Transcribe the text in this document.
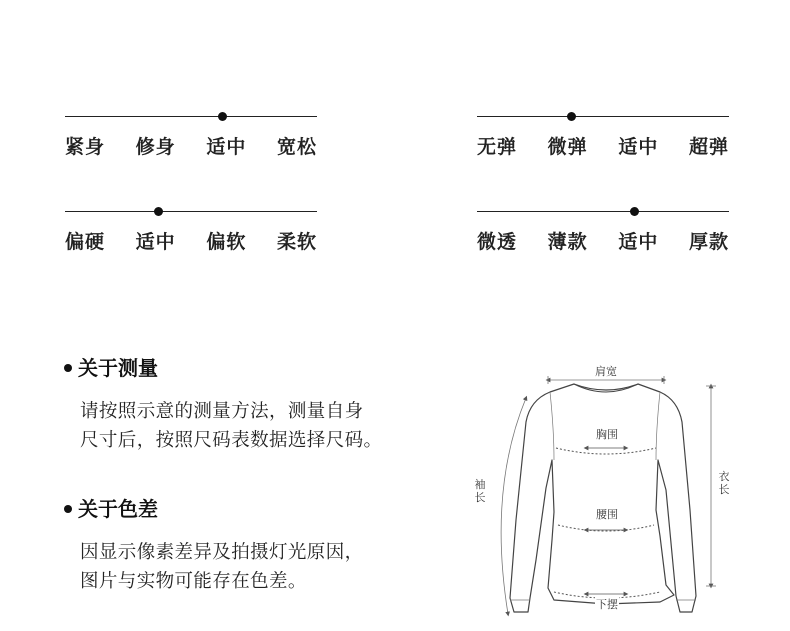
紧身 修身 适中 宽松	无弹 微弹 适中 超弹
偏硬 适中 偏软 柔软	微透 薄款 适中 厚款
关于测量
请按照示意的测量方法，测量自身
尺寸后，按照尺码表数据选择尺码。
关于色差
因显示像素差异及拍摄灯光原因，
图片与实物可能存在色差。
肩宽
胸围
腰围
下摆
袖长
衣长
